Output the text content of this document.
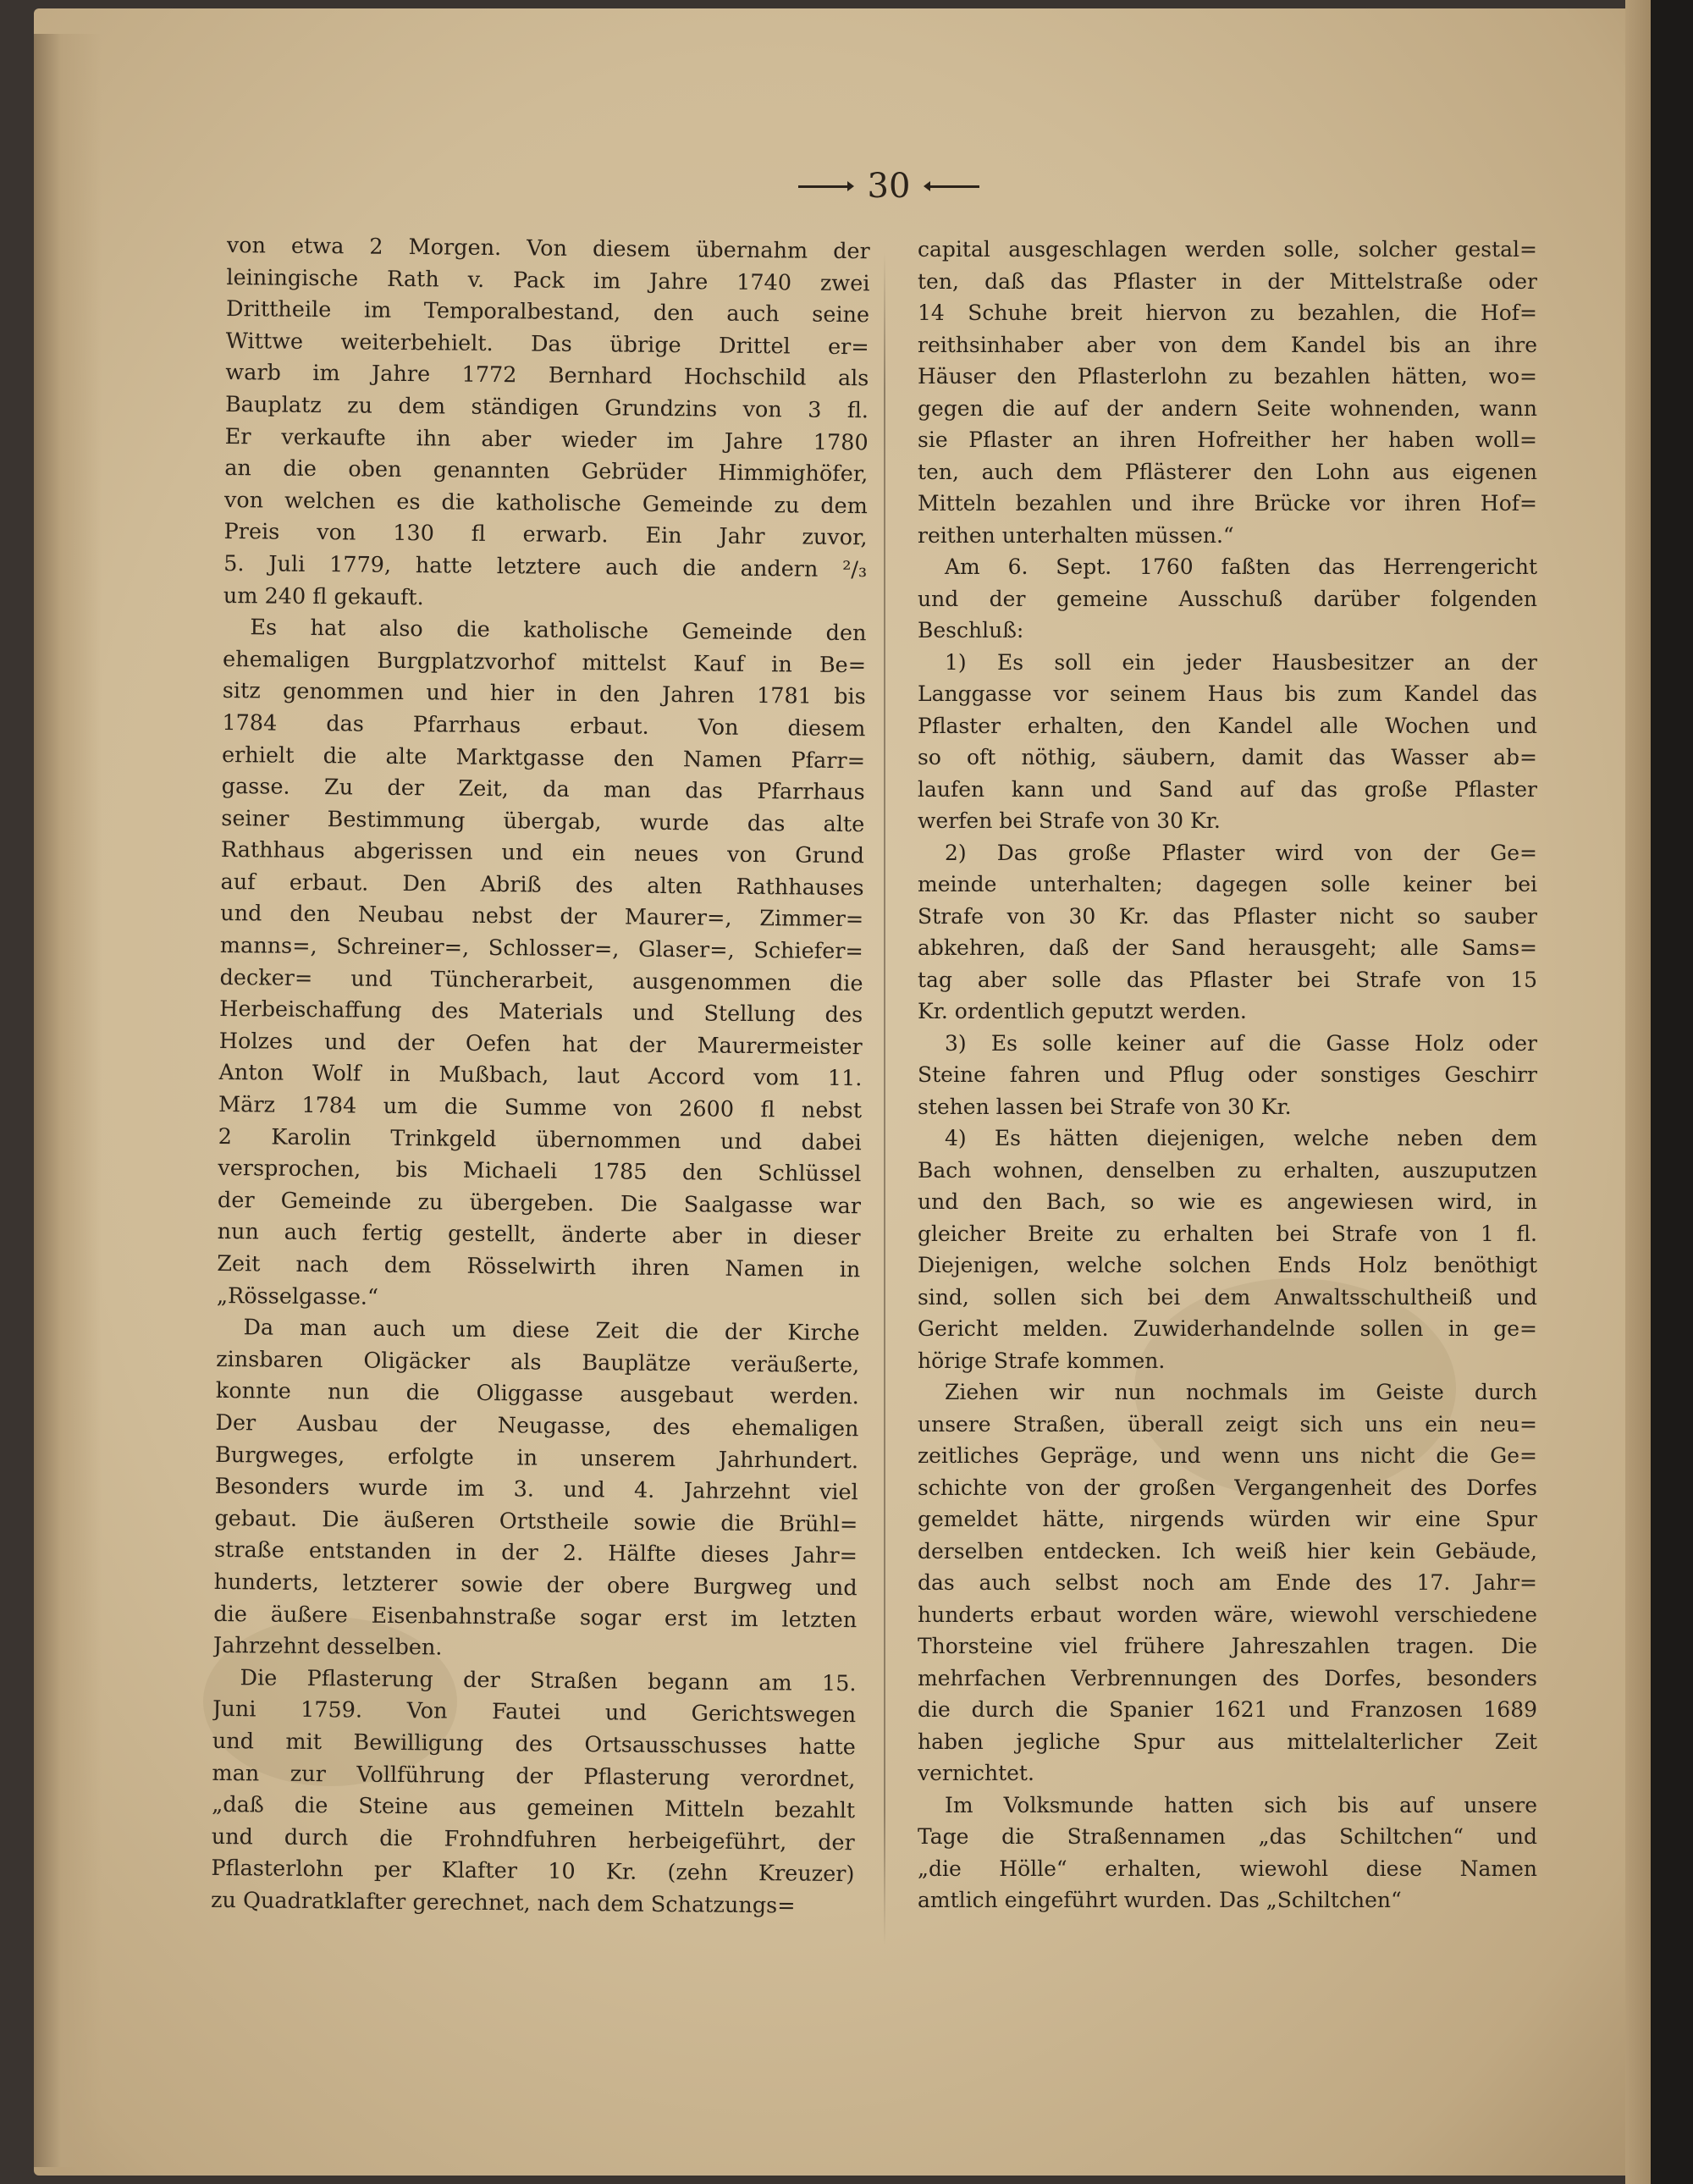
30
von etwa 2 Morgen. Von diesem übernahm der
leiningische Rath v. Pack im Jahre 1740 zwei
Drittheile im Temporalbestand, den auch seine
Wittwe weiterbehielt. Das übrige Drittel er=
warb im Jahre 1772 Bernhard Hochschild als
Bauplatz zu dem ständigen Grundzins von 3 fl.
Er verkaufte ihn aber wieder im Jahre 1780
an die oben genannten Gebrüder Himmighöfer,
von welchen es die katholische Gemeinde zu dem
Preis von 130 fl erwarb. Ein Jahr zuvor,
5. Juli 1779, hatte letztere auch die andern ²/₃
um 240 fl gekauft.
Es hat also die katholische Gemeinde den
ehemaligen Burgplatzvorhof mittelst Kauf in Be=
sitz genommen und hier in den Jahren 1781 bis
1784 das Pfarrhaus erbaut. Von diesem
erhielt die alte Marktgasse den Namen Pfarr=
gasse. Zu der Zeit, da man das Pfarrhaus
seiner Bestimmung übergab, wurde das alte
Rathhaus abgerissen und ein neues von Grund
auf erbaut. Den Abriß des alten Rathhauses
und den Neubau nebst der Maurer=, Zimmer=
manns=, Schreiner=, Schlosser=, Glaser=, Schiefer=
decker= und Tüncherarbeit, ausgenommen die
Herbeischaffung des Materials und Stellung des
Holzes und der Oefen hat der Maurermeister
Anton Wolf in Mußbach, laut Accord vom 11.
März 1784 um die Summe von 2600 fl nebst
2 Karolin Trinkgeld übernommen und dabei
versprochen, bis Michaeli 1785 den Schlüssel
der Gemeinde zu übergeben. Die Saalgasse war
nun auch fertig gestellt, änderte aber in dieser
Zeit nach dem Rösselwirth ihren Namen in
„Rösselgasse.“
Da man auch um diese Zeit die der Kirche
zinsbaren Oligäcker als Bauplätze veräußerte,
konnte nun die Oliggasse ausgebaut werden.
Der Ausbau der Neugasse, des ehemaligen
Burgweges, erfolgte in unserem Jahrhundert.
Besonders wurde im 3. und 4. Jahrzehnt viel
gebaut. Die äußeren Ortstheile sowie die Brühl=
straße entstanden in der 2. Hälfte dieses Jahr=
hunderts, letzterer sowie der obere Burgweg und
die äußere Eisenbahnstraße sogar erst im letzten
Jahrzehnt desselben.
Die Pflasterung der Straßen begann am 15.
Juni 1759. Von Fautei und Gerichtswegen
und mit Bewilligung des Ortsausschusses hatte
man zur Vollführung der Pflasterung verordnet,
„daß die Steine aus gemeinen Mitteln bezahlt
und durch die Frohndfuhren herbeigeführt, der
Pflasterlohn per Klafter 10 Kr. (zehn Kreuzer)
zu Quadratklafter gerechnet, nach dem Schatzungs=
capital ausgeschlagen werden solle, solcher gestal=
ten, daß das Pflaster in der Mittelstraße oder
14 Schuhe breit hiervon zu bezahlen, die Hof=
reithsinhaber aber von dem Kandel bis an ihre
Häuser den Pflasterlohn zu bezahlen hätten, wo=
gegen die auf der andern Seite wohnenden, wann
sie Pflaster an ihren Hofreither her haben woll=
ten, auch dem Pflästerer den Lohn aus eigenen
Mitteln bezahlen und ihre Brücke vor ihren Hof=
reithen unterhalten müssen.“
Am 6. Sept. 1760 faßten das Herrengericht
und der gemeine Ausschuß darüber folgenden
Beschluß:
1) Es soll ein jeder Hausbesitzer an der
Langgasse vor seinem Haus bis zum Kandel das
Pflaster erhalten, den Kandel alle Wochen und
so oft nöthig, säubern, damit das Wasser ab=
laufen kann und Sand auf das große Pflaster
werfen bei Strafe von 30 Kr.
2) Das große Pflaster wird von der Ge=
meinde unterhalten; dagegen solle keiner bei
Strafe von 30 Kr. das Pflaster nicht so sauber
abkehren, daß der Sand herausgeht; alle Sams=
tag aber solle das Pflaster bei Strafe von 15
Kr. ordentlich geputzt werden.
3) Es solle keiner auf die Gasse Holz oder
Steine fahren und Pflug oder sonstiges Geschirr
stehen lassen bei Strafe von 30 Kr.
4) Es hätten diejenigen, welche neben dem
Bach wohnen, denselben zu erhalten, auszuputzen
und den Bach, so wie es angewiesen wird, in
gleicher Breite zu erhalten bei Strafe von 1 fl.
Diejenigen, welche solchen Ends Holz benöthigt
sind, sollen sich bei dem Anwaltsschultheiß und
Gericht melden. Zuwiderhandelnde sollen in ge=
hörige Strafe kommen.
Ziehen wir nun nochmals im Geiste durch
unsere Straßen, überall zeigt sich uns ein neu=
zeitliches Gepräge, und wenn uns nicht die Ge=
schichte von der großen Vergangenheit des Dorfes
gemeldet hätte, nirgends würden wir eine Spur
derselben entdecken. Ich weiß hier kein Gebäude,
das auch selbst noch am Ende des 17. Jahr=
hunderts erbaut worden wäre, wiewohl verschiedene
Thorsteine viel frühere Jahreszahlen tragen. Die
mehrfachen Verbrennungen des Dorfes, besonders
die durch die Spanier 1621 und Franzosen 1689
haben jegliche Spur aus mittelalterlicher Zeit
vernichtet.
Im Volksmunde hatten sich bis auf unsere
Tage die Straßennamen „das Schiltchen“ und
„die Hölle“ erhalten, wiewohl diese Namen
amtlich eingeführt wurden. Das „Schiltchen“
